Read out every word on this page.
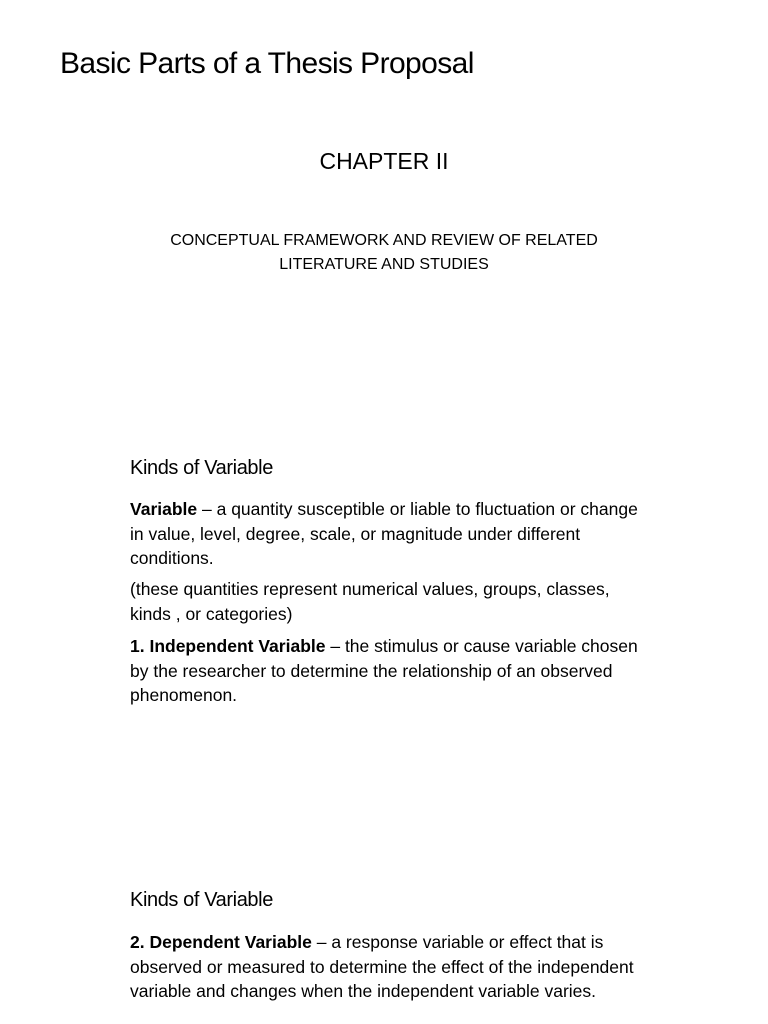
Basic Parts of a Thesis Proposal
CHAPTER II

CONCEPTUAL FRAMEWORK AND REVIEW OF RELATED
LITERATURE AND STUDIES

Kinds of Variable

Variable – a quantity susceptible or liable to fluctuation or change in value, level, degree, scale, or magnitude under different conditions.

(these quantities represent numerical values, groups, classes, kinds , or categories)

1. Independent Variable – the stimulus or cause variable chosen by the researcher to determine the relationship of an observed phenomenon.

Kinds of Variable

2. Dependent Variable – a response variable or effect that is observed or measured to determine the effect of the independent variable and changes when the independent variable varies.
